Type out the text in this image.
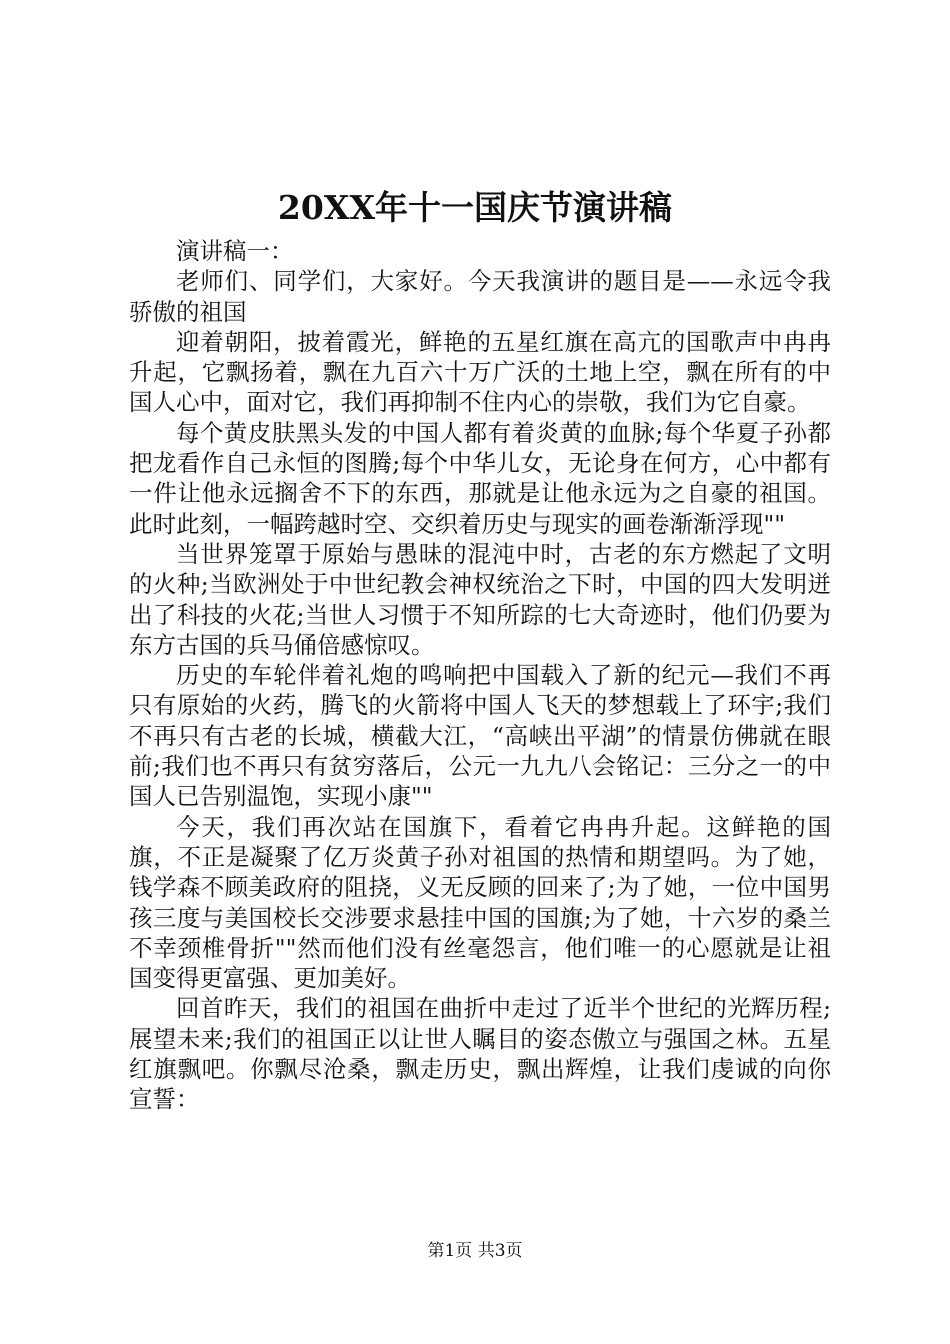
20XX年十一国庆节演讲稿

演讲稿一：

老师们、同学们，大家好。今天我演讲的题目是——永远令我骄傲的祖国

迎着朝阳，披着霞光，鲜艳的五星红旗在高亢的国歌声中冉冉升起，它飘扬着，飘在九百六十万广沃的土地上空，飘在所有的中国人心中，面对它，我们再抑制不住内心的崇敬，我们为它自豪。

每个黄皮肤黑头发的中国人都有着炎黄的血脉;每个华夏子孙都把龙看作自己永恒的图腾;每个中华儿女，无论身在何方，心中都有一件让他永远搁舍不下的东西，那就是让他永远为之自豪的祖国。此时此刻，一幅跨越时空、交织着历史与现实的画卷渐渐浮现""

当世界笼罩于原始与愚昧的混沌中时，古老的东方燃起了文明的火种;当欧洲处于中世纪教会神权统治之下时，中国的四大发明迸出了科技的火花;当世人习惯于不知所踪的七大奇迹时，他们仍要为东方古国的兵马俑倍感惊叹。

历史的车轮伴着礼炮的鸣响把中国载入了新的纪元—我们不再只有原始的火药，腾飞的火箭将中国人飞天的梦想载上了环宇;我们不再只有古老的长城，横截大江，“高峡出平湖”的情景仿佛就在眼前;我们也不再只有贫穷落后，公元一九九八会铭记：三分之一的中国人已告别温饱，实现小康""

今天，我们再次站在国旗下，看着它冉冉升起。这鲜艳的国旗，不正是凝聚了亿万炎黄子孙对祖国的热情和期望吗。为了她，钱学森不顾美政府的阻挠，义无反顾的回来了;为了她，一位中国男孩三度与美国校长交涉要求悬挂中国的国旗;为了她，十六岁的桑兰不幸颈椎骨折""然而他们没有丝毫怨言，他们唯一的心愿就是让祖国变得更富强、更加美好。

回首昨天，我们的祖国在曲折中走过了近半个世纪的光辉历程;展望未来;我们的祖国正以让世人瞩目的姿态傲立与强国之林。五星红旗飘吧。你飘尽沧桑，飘走历史，飘出辉煌，让我们虔诚的向你宣誓：

第1页 共3页
